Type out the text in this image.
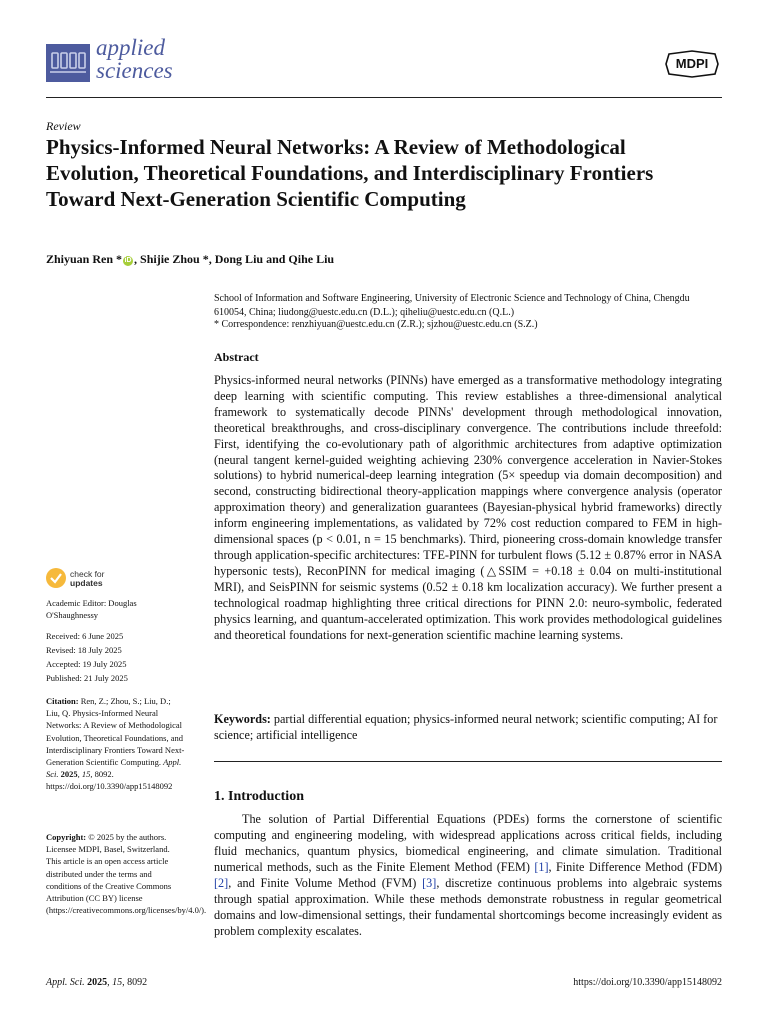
applied
sciences	MDPI
Review
Physics-Informed Neural Networks: A Review of Methodological Evolution, Theoretical Foundations, and Interdisciplinary Frontiers Toward Next-Generation Scientific Computing
Zhiyuan Ren * iD , Shijie Zhou *, Dong Liu and Qihe Liu
School of Information and Software Engineering, University of Electronic Science and Technology of China, Chengdu 610054, China; liudong@uestc.edu.cn (D.L.); qiheliu@uestc.edu.cn (Q.L.)
* Correspondence: renzhiyuan@uestc.edu.cn (Z.R.); sjzhou@uestc.edu.cn (S.Z.)
Abstract
Physics-informed neural networks (PINNs) have emerged as a transformative methodology integrating deep learning with scientific computing. This review establishes a three-dimensional analytical framework to systematically decode PINNs' development through methodological innovation, theoretical breakthroughs, and cross-disciplinary convergence. The contributions include threefold: First, identifying the co-evolutionary path of algorithmic architectures from adaptive optimization (neural tangent kernel-guided weighting achieving 230% convergence acceleration in Navier-Stokes solutions) to hybrid numerical-deep learning integration (5× speedup via domain decomposition) and second, constructing bidirectional theory-application mappings where convergence analysis (operator approximation theory) and generalization guarantees (Bayesian-physical hybrid frameworks) directly inform engineering implementations, as validated by 72% cost reduction compared to FEM in high-dimensional spaces (p < 0.01, n = 15 benchmarks). Third, pioneering cross-domain knowledge transfer through application-specific architectures: TFE-PINN for turbulent flows (5.12 ± 0.87% error in NASA hypersonic tests), ReconPINN for medical imaging (△SSIM = +0.18 ± 0.04 on multi-institutional MRI), and SeisPINN for seismic systems (0.52 ± 0.18 km localization accuracy). We further present a technological roadmap highlighting three critical directions for PINN 2.0: neuro-symbolic, federated physics learning, and quantum-accelerated optimization. This work provides methodological guidelines and theoretical foundations for next-generation scientific machine learning systems.
Keywords: partial differential equation; physics-informed neural network; scientific computing; AI for science; artificial intelligence
1. Introduction
The solution of Partial Differential Equations (PDEs) forms the cornerstone of scientific computing and engineering modeling, with widespread applications across critical fields, including fluid mechanics, quantum physics, biomedical engineering, and climate simulation. Traditional numerical methods, such as the Finite Element Method (FEM) [1], Finite Difference Method (FDM) [2], and Finite Volume Method (FVM) [3], discretize continuous problems into algebraic systems through spatial approximation. While these methods demonstrate robustness in regular geometrical domains and low-dimensional settings, their fundamental shortcomings become increasingly evident as problem complexity escalates.
check for
updates
Academic Editor: Douglas O'Shaughnessy
Received: 6 June 2025
Revised: 18 July 2025
Accepted: 19 July 2025
Published: 21 July 2025
Citation: Ren, Z.; Zhou, S.; Liu, D.; Liu, Q. Physics-Informed Neural Networks: A Review of Methodological Evolution, Theoretical Foundations, and Interdisciplinary Frontiers Toward Next-Generation Scientific Computing. Appl. Sci. 2025, 15, 8092. https://doi.org/10.3390/app15148092
Copyright: © 2025 by the authors. Licensee MDPI, Basel, Switzerland. This article is an open access article distributed under the terms and conditions of the Creative Commons Attribution (CC BY) license (https://creativecommons.org/licenses/by/4.0/).
Appl. Sci. 2025, 15, 8092	https://doi.org/10.3390/app15148092
